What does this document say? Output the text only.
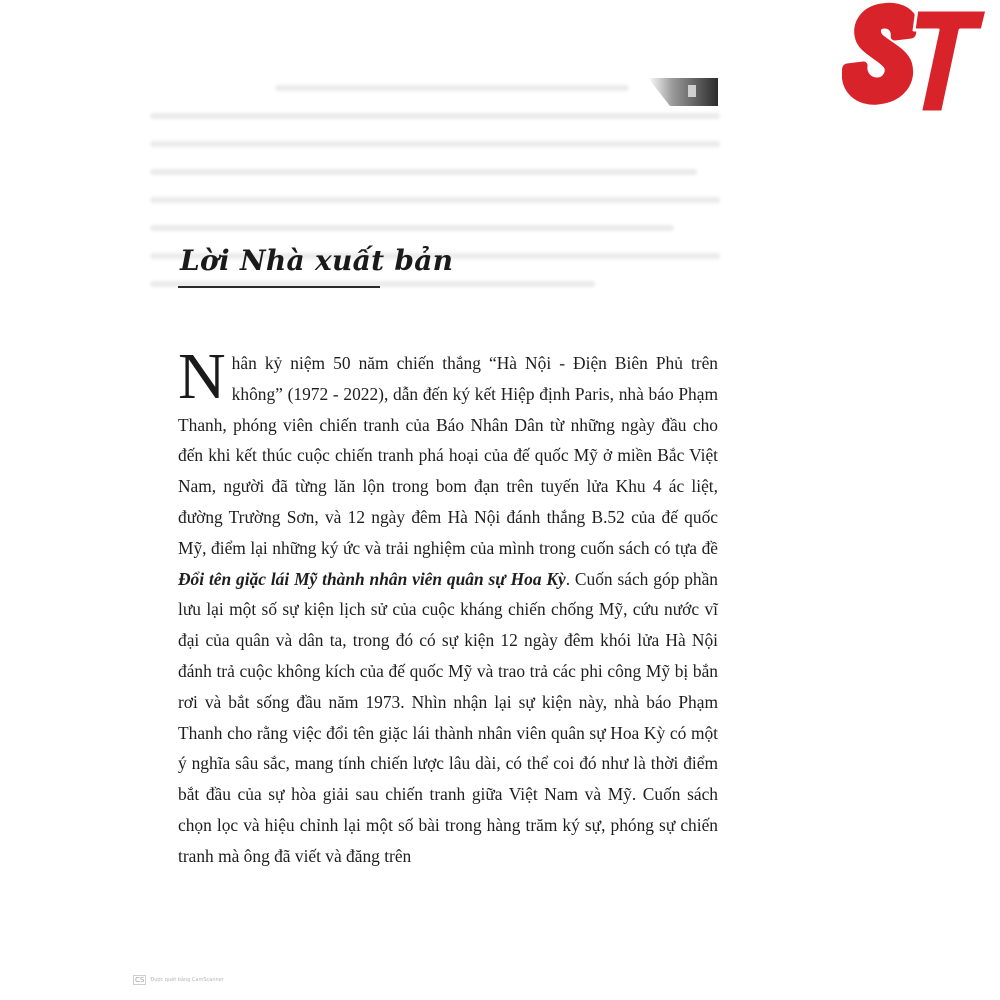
Lời Nhà xuất bản
Nhân kỷ niệm 50 năm chiến thắng “Hà Nội - Điện Biên Phủ trên không” (1972 - 2022), dẫn đến ký kết Hiệp định Paris, nhà báo Phạm Thanh, phóng viên chiến tranh của Báo Nhân Dân từ những ngày đầu cho đến khi kết thúc cuộc chiến tranh phá hoại của đế quốc Mỹ ở miền Bắc Việt Nam, người đã từng lăn lộn trong bom đạn trên tuyến lửa Khu 4 ác liệt, đường Trường Sơn, và 12 ngày đêm Hà Nội đánh thắng B.52 của đế quốc Mỹ, điểm lại những ký ức và trải nghiệm của mình trong cuốn sách có tựa đề Đổi tên giặc lái Mỹ thành nhân viên quân sự Hoa Kỳ. Cuốn sách góp phần lưu lại một số sự kiện lịch sử của cuộc kháng chiến chống Mỹ, cứu nước vĩ đại của quân và dân ta, trong đó có sự kiện 12 ngày đêm khói lửa Hà Nội đánh trả cuộc không kích của đế quốc Mỹ và trao trả các phi công Mỹ bị bắn rơi và bắt sống đầu năm 1973. Nhìn nhận lại sự kiện này, nhà báo Phạm Thanh cho rằng việc đổi tên giặc lái thành nhân viên quân sự Hoa Kỳ có một ý nghĩa sâu sắc, mang tính chiến lược lâu dài, có thể coi đó như là thời điểm bắt đầu của sự hòa giải sau chiến tranh giữa Việt Nam và Mỹ. Cuốn sách chọn lọc và hiệu chỉnh lại một số bài trong hàng trăm ký sự, phóng sự chiến tranh mà ông đã viết và đăng trên
CS	Được quét bằng CamScanner
